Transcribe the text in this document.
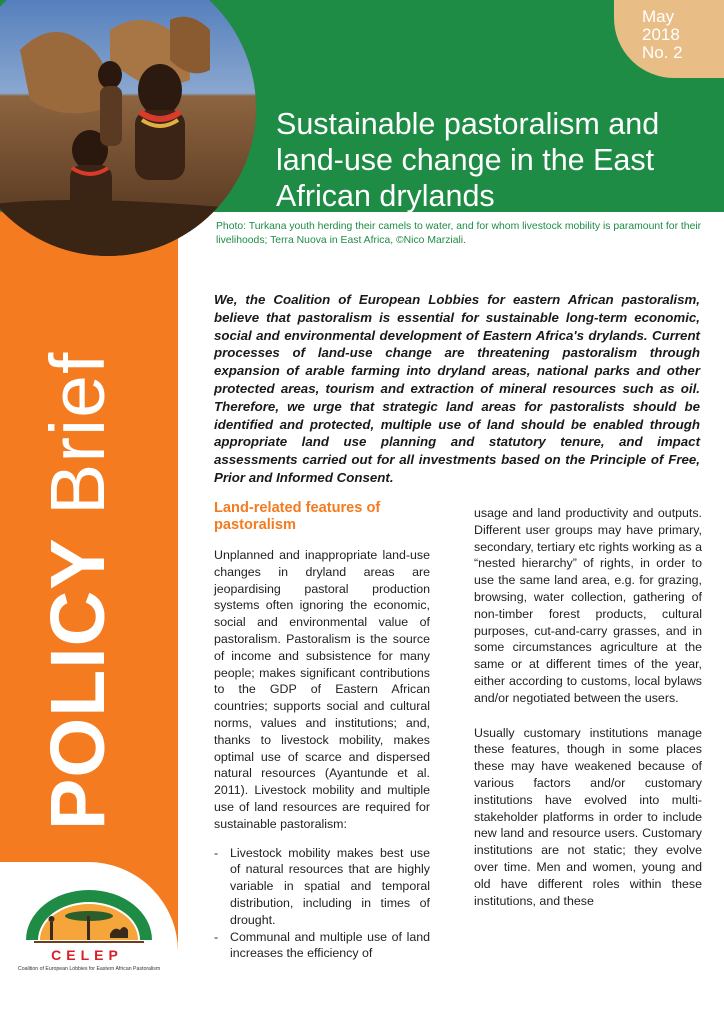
May
2018
No. 2
Sustainable pastoralism and land-use change in the East African drylands
Photo: Turkana youth herding their camels to water, and for whom livestock mobility is paramount for their livelihoods; Terra Nuova in East Africa, ©Nico Marziali.
POLICY Brief
We, the Coalition of European Lobbies for eastern African pastoralism, believe that pastoralism is essential for sustainable long-term economic, social and environmental development of Eastern Africa's drylands. Current processes of land-use change are threatening pastoralism through expansion of arable farming into dryland areas, national parks and other protected areas, tourism and extraction of mineral resources such as oil. Therefore, we urge that strategic land areas for pastoralists should be identified and protected, multiple use of land should be enabled through appropriate land use planning and statutory tenure, and impact assessments carried out for all investments based on the Principle of Free, Prior and Informed Consent.
Land-related features of pastoralism

Unplanned and inappropriate land-use changes in dryland areas are jeopardising pastoral production systems often ignoring the economic, social and environmental value of pastoralism. Pastoralism is the source of income and subsistence for many people; makes significant contributions to the GDP of Eastern African countries; supports social and cultural norms, values and institutions; and, thanks to livestock mobility, makes optimal use of scarce and dispersed natural resources (Ayantunde et al. 2011). Livestock mobility and multiple use of land resources are required for sustainable pastoralism:

- Livestock mobility makes best use of natural resources that are highly variable in spatial and temporal distribution, including in times of drought.
- Communal and multiple use of land increases the efficiency of

usage and land productivity and outputs. Different user groups may have primary, secondary, tertiary etc rights working as a “nested hierarchy” of rights, in order to use the same land area, e.g. for grazing, browsing, water collection, gathering of non-timber forest products, cultural purposes, cut-and-carry grasses, and in some circumstances agriculture at the same or at different times of the year, either according to customs, local bylaws and/or negotiated between the users.

Usually customary institutions manage these features, though in some places these may have weakened because of various factors and/or customary institutions have evolved into multi-stakeholder platforms in order to include new land and resource users. Customary institutions are not static; they evolve over time. Men and women, young and old have different roles within these institutions, and these

CELEP
Coalition of European Lobbies for Eastern African Pastoralism
